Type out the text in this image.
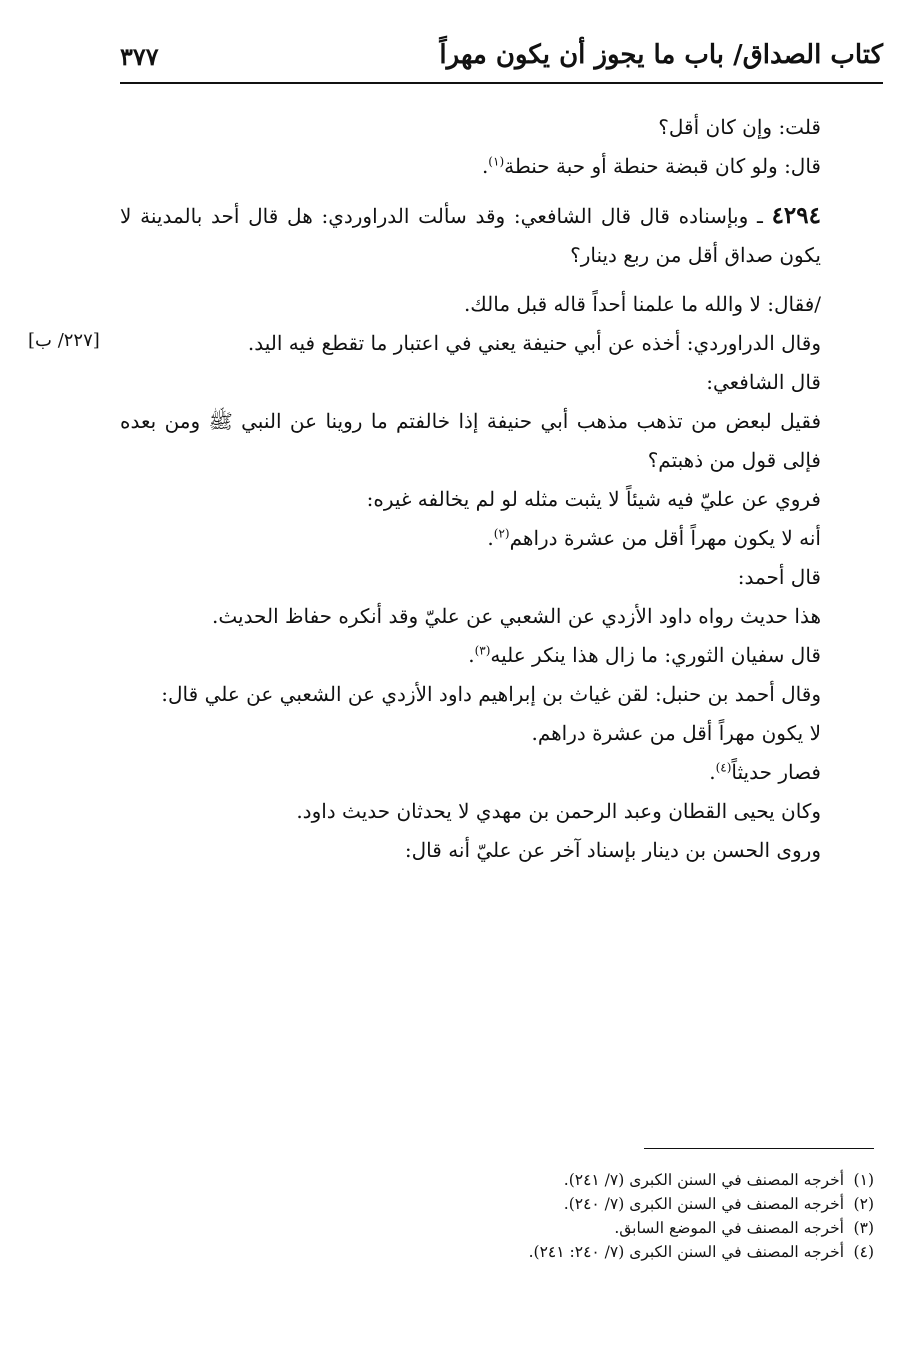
كتاب الصداق/ باب ما يجوز أن يكون مهراً
٣٧٧
[٢٢٧/ ب]
قلت: وإن كان أقل؟
قال: ولو كان قبضة حنطة أو حبة حنطة$^{(١)}$.
٤٢٩٤ ـ وبإسناده قال قال الشافعي: وقد سألت الدراوردي: هل قال أحد بالمدينة لا يكون صداق أقل من ربع دينار؟
/فقال: لا والله ما علمنا أحداً قاله قبل مالك.
وقال الدراوردي: أخذه عن أبي حنيفة يعني في اعتبار ما تقطع فيه اليد.
قال الشافعي:
فقيل لبعض من تذهب مذهب أبي حنيفة إذا خالفتم ما روينا عن النبي ﷺ ومن بعده فإلى قول من ذهبتم؟
فروي عن عليّ فيه شيئاً لا يثبت مثله لو لم يخالفه غيره:
أنه لا يكون مهراً أقل من عشرة دراهم$^{(٢)}$.
قال أحمد:
هذا حديث رواه داود الأزدي عن الشعبي عن عليّ وقد أنكره حفاظ الحديث.
قال سفيان الثوري: ما زال هذا ينكر عليه$^{(٣)}$.
وقال أحمد بن حنبل: لقن غياث بن إبراهيم داود الأزدي عن الشعبي عن علي قال:
لا يكون مهراً أقل من عشرة دراهم.
فصار حديثاً$^{(٤)}$.
وكان يحيى القطان وعبد الرحمن بن مهدي لا يحدثان حديث داود.
وروى الحسن بن دينار بإسناد آخر عن عليّ أنه قال:
(١)أخرجه المصنف في السنن الكبرى (٧/ ٢٤١).
(٢)أخرجه المصنف في السنن الكبرى (٧/ ٢٤٠).
(٣)أخرجه المصنف في الموضع السابق.
(٤)أخرجه المصنف في السنن الكبرى (٧/ ٢٤٠: ٢٤١).
